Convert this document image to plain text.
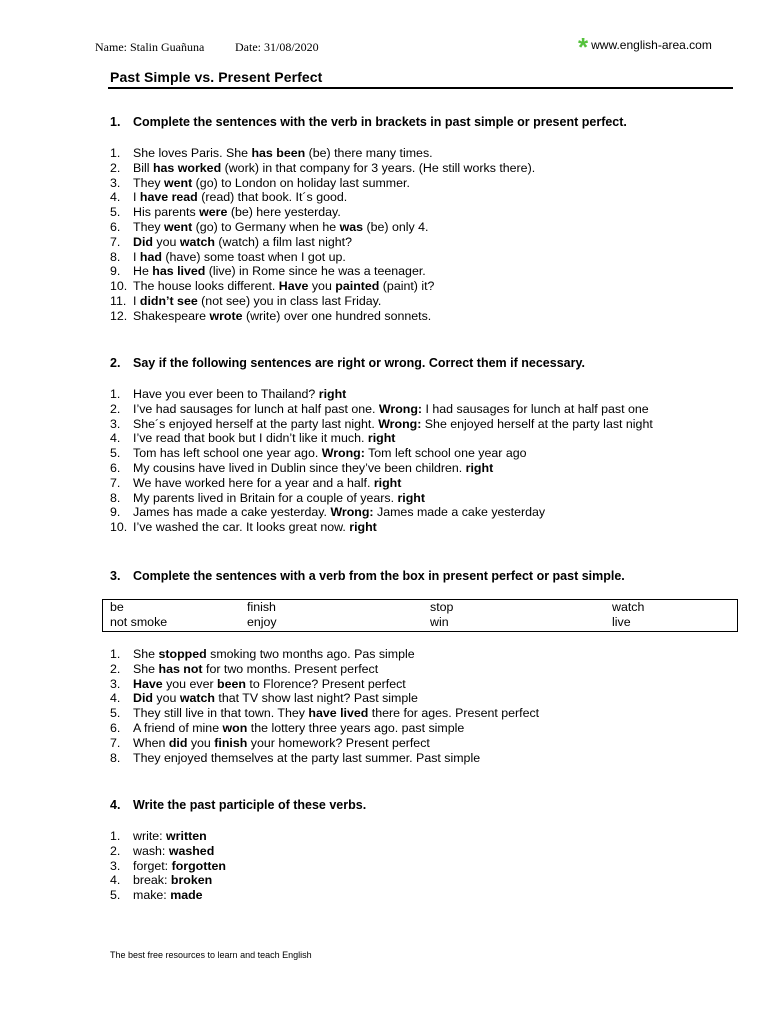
Name: Stalin Guañuna	Date: 31/08/2020	* www.english-area.com
Past Simple vs. Present Perfect
1.	Complete the sentences with the verb in brackets in past simple or present perfect.
1.	She loves Paris. She has been (be) there many times.
2.	Bill has worked (work) in that company for 3 years. (He still works there).
3.	They went (go) to London on holiday last summer.
4.	I have read (read) that book. It´s good.
5.	His parents were (be) here yesterday.
6.	They went (go) to Germany when he was (be) only 4.
7.	Did you watch (watch) a film last night?
8.	I had (have) some toast when I got up.
9.	He has lived (live) in Rome since he was a teenager.
10. The house looks different. Have you painted (paint) it?
11. I didn’t see (not see) you in class last Friday.
12. Shakespeare wrote (write) over one hundred sonnets.
2.	Say if the following sentences are right or wrong. Correct them if necessary.
1.	Have you ever been to Thailand? right
2.	I’ve had sausages for lunch at half past one. Wrong: I had sausages for lunch at half past one
3.	She´s enjoyed herself at the party last night. Wrong: She enjoyed herself at the party last night
4.	I’ve read that book but I didn’t like it much. right
5.	Tom has left school one year ago. Wrong: Tom left school one year ago
6.	My cousins have lived in Dublin since they’ve been children. right
7.	We have worked here for a year and a half. right
8.	My parents lived in Britain for a couple of years. right
9.	James has made a cake yesterday. Wrong: James made a cake yesterday
10. I’ve washed the car. It looks great now. right
3.	Complete the sentences with a verb from the box in present perfect or past simple.
be	finish	stop	watch
not smoke	enjoy	win	live
1.	She stopped smoking two months ago. Pas simple
2.	She has not for two months. Present perfect
3.	Have you ever been to Florence? Present perfect
4.	Did you watch that TV show last night? Past simple
5.	They still live in that town. They have lived there for ages. Present perfect
6.	A friend of mine won the lottery three years ago. past simple
7.	When did you finish your homework? Present perfect
8.	They enjoyed themselves at the party last summer. Past simple
4.	Write the past participle of these verbs.
1.	write: written
2.	wash: washed
3.	forget: forgotten
4.	break: broken
5.	make: made
The best free resources to learn and teach English
